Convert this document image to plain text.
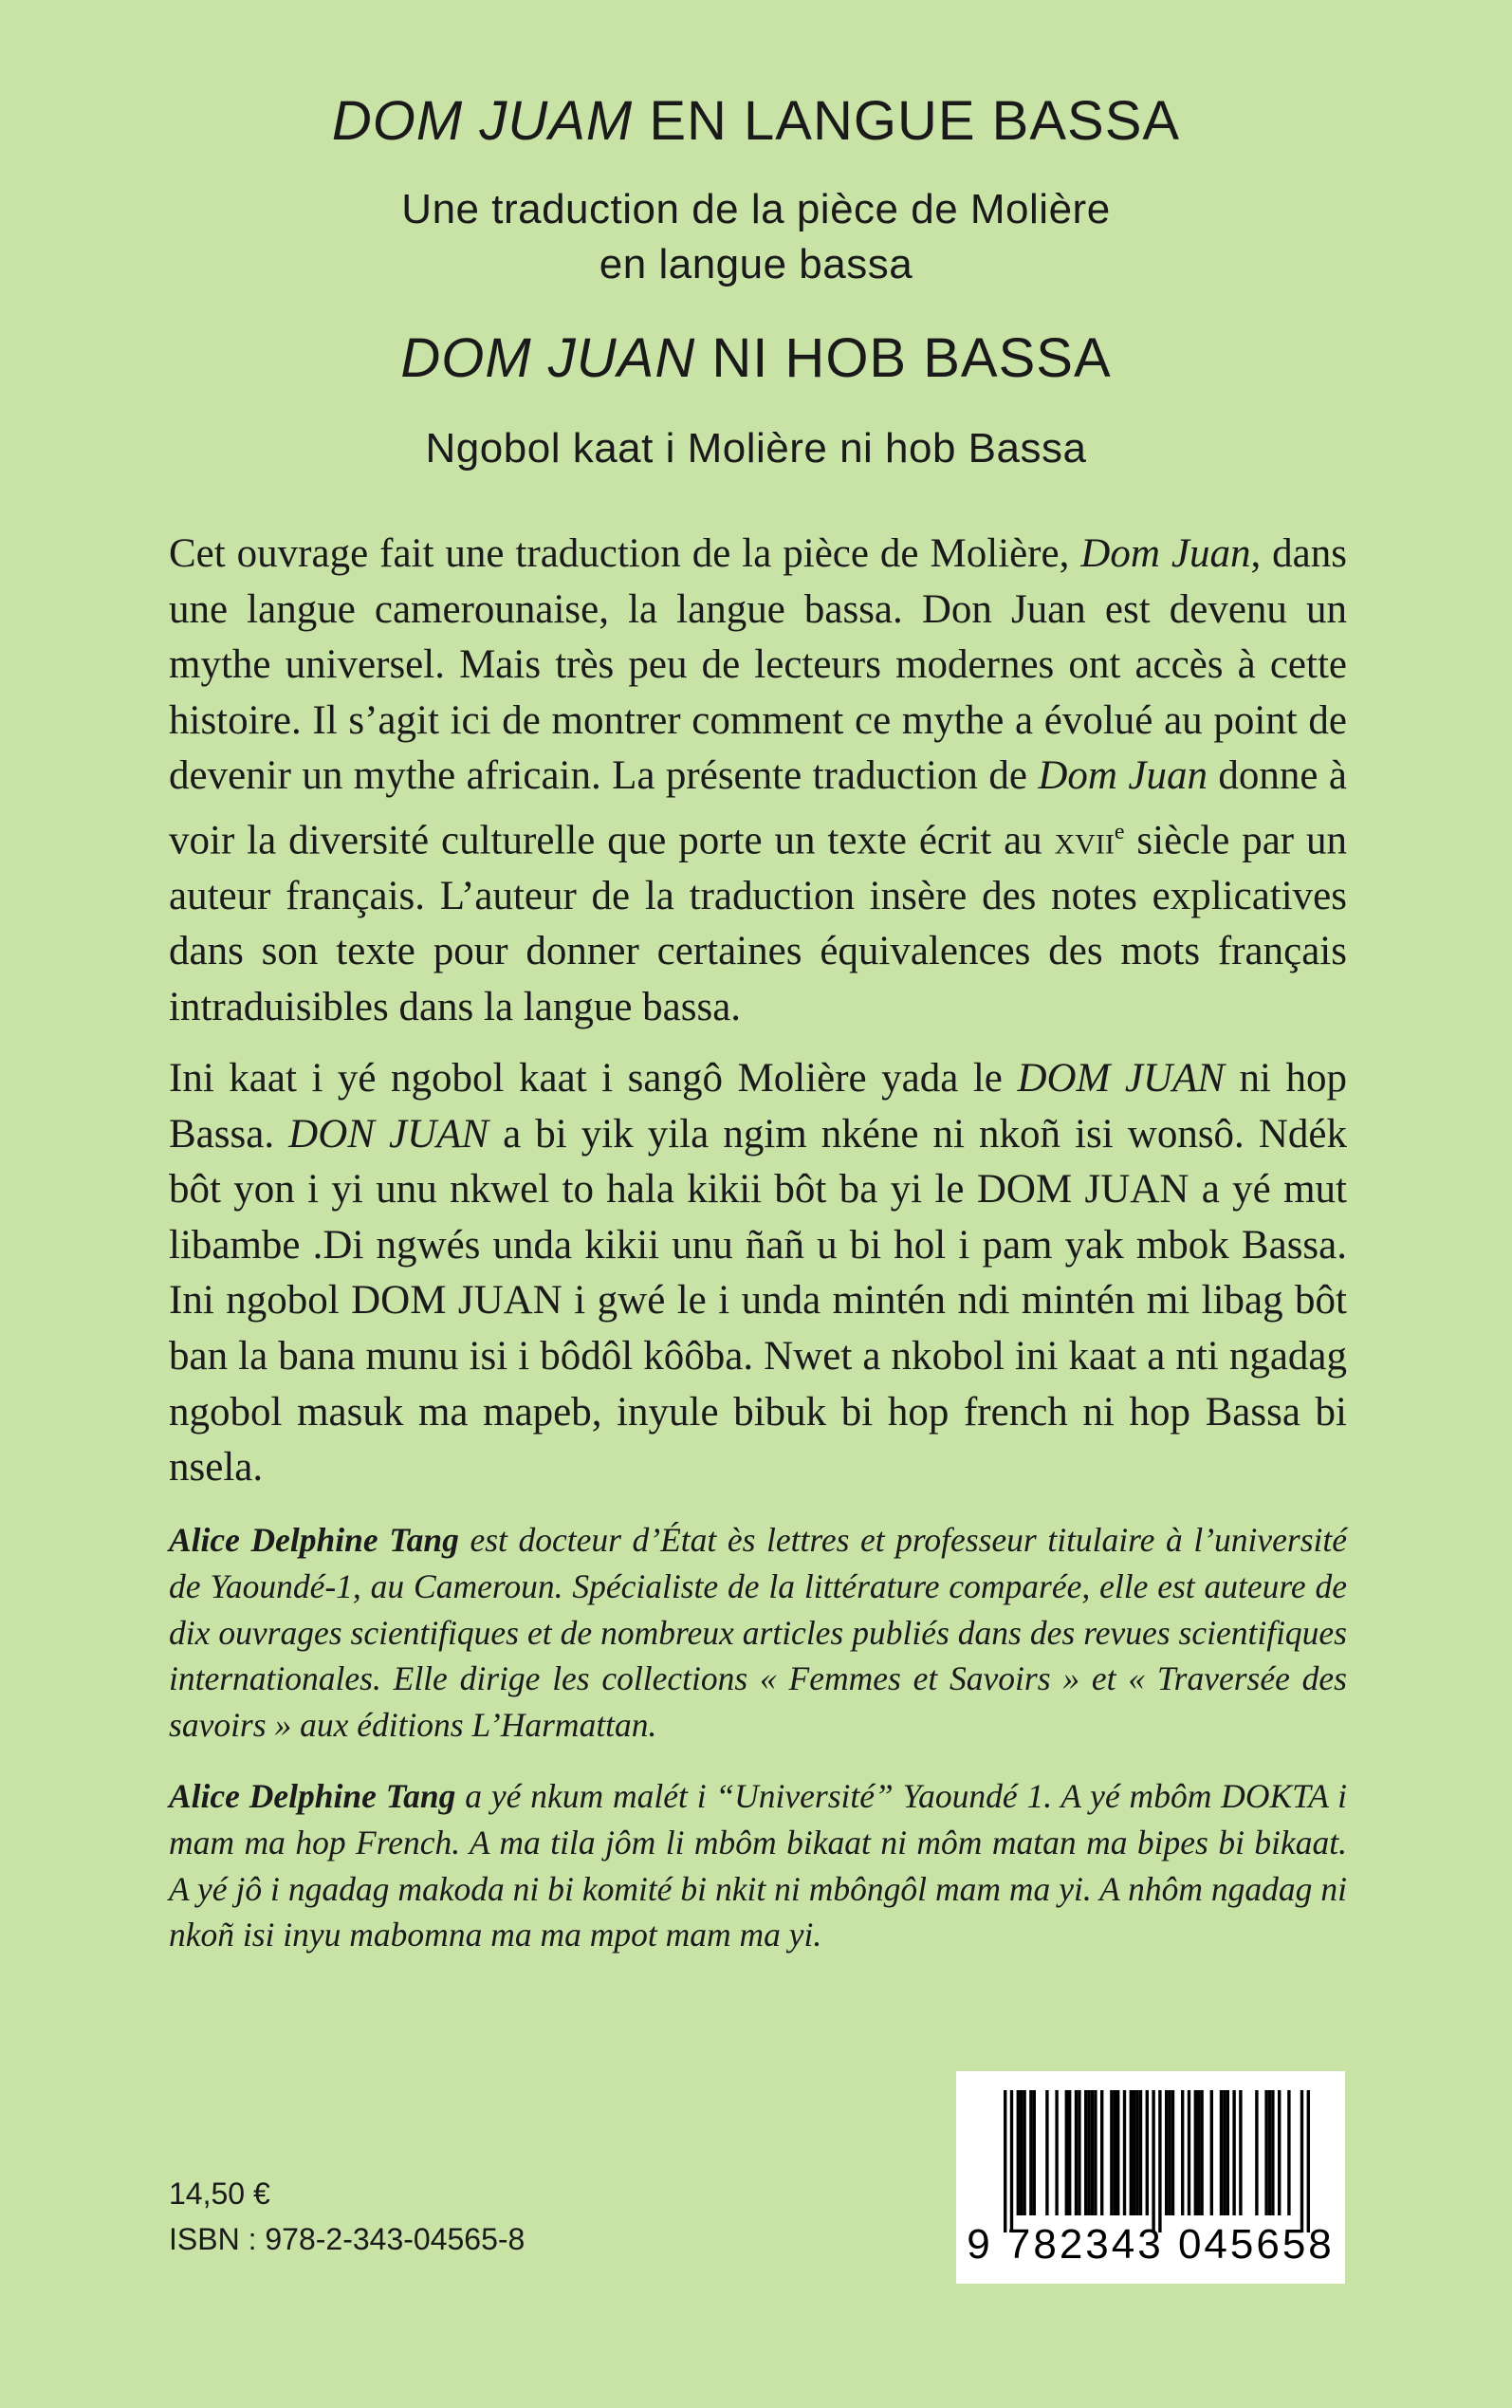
DOM JUAM EN LANGUE BASSA
Une traduction de la pièce de Molière
en langue bassa
DOM JUAN NI HOB BASSA
Ngobol kaat i Molière ni hob Bassa

Cet ouvrage fait une traduction de la pièce de Molière, Dom Juan, dans une langue camerounaise, la langue bassa. Don Juan est devenu un mythe universel. Mais très peu de lecteurs modernes ont accès à cette histoire. Il s’agit ici de montrer comment ce mythe a évolué au point de devenir un mythe africain. La présente traduction de Dom Juan donne à voir la diversité culturelle que porte un texte écrit au xvii$^e$ siècle par un auteur français. L’auteur de la traduction insère des notes explicatives dans son texte pour donner certaines équivalences des mots français intraduisibles dans la langue bassa.

Ini kaat i yé ngobol kaat i sangô Molière yada le DOM JUAN ni hop Bassa. DON JUAN a bi yik yila ngim nkéne ni nkoñ isi wonsô. Ndék bôt yon i yi unu nkwel to hala kikii bôt ba yi le DOM JUAN a yé mut libambe .Di ngwés unda kikii unu ñañ u bi hol i pam yak mbok Bassa. Ini ngobol DOM JUAN i gwé le i unda mintén ndi mintén mi libag bôt ban la bana munu isi i bôdôl kôôba. Nwet a nkobol ini kaat a nti ngadag ngobol masuk ma mapeb, inyule bibuk bi hop french ni hop Bassa bi nsela.

Alice Delphine Tang est docteur d’État ès lettres et professeur titulaire à l’université de Yaoundé-1, au Cameroun. Spécialiste de la littérature comparée, elle est auteure de dix ouvrages scientifiques et de nombreux articles publiés dans des revues scientifiques internationales. Elle dirige les collections « Femmes et Savoirs » et « Traversée des savoirs » aux éditions L’Harmattan.

Alice Delphine Tang a yé nkum malét i “Université” Yaoundé 1. A yé mbôm DOKTA i mam ma hop French. A ma tila jôm li mbôm bikaat ni môm matan ma bipes bi bikaat. A yé jô i ngadag makoda ni bi komité bi nkit ni mbôngôl mam ma yi. A nhôm ngadag ni nkoñ isi inyu mabomna ma ma mpot mam ma yi.

14,50 €
ISBN : 978-2-343-04565-8	9 782343 045658
